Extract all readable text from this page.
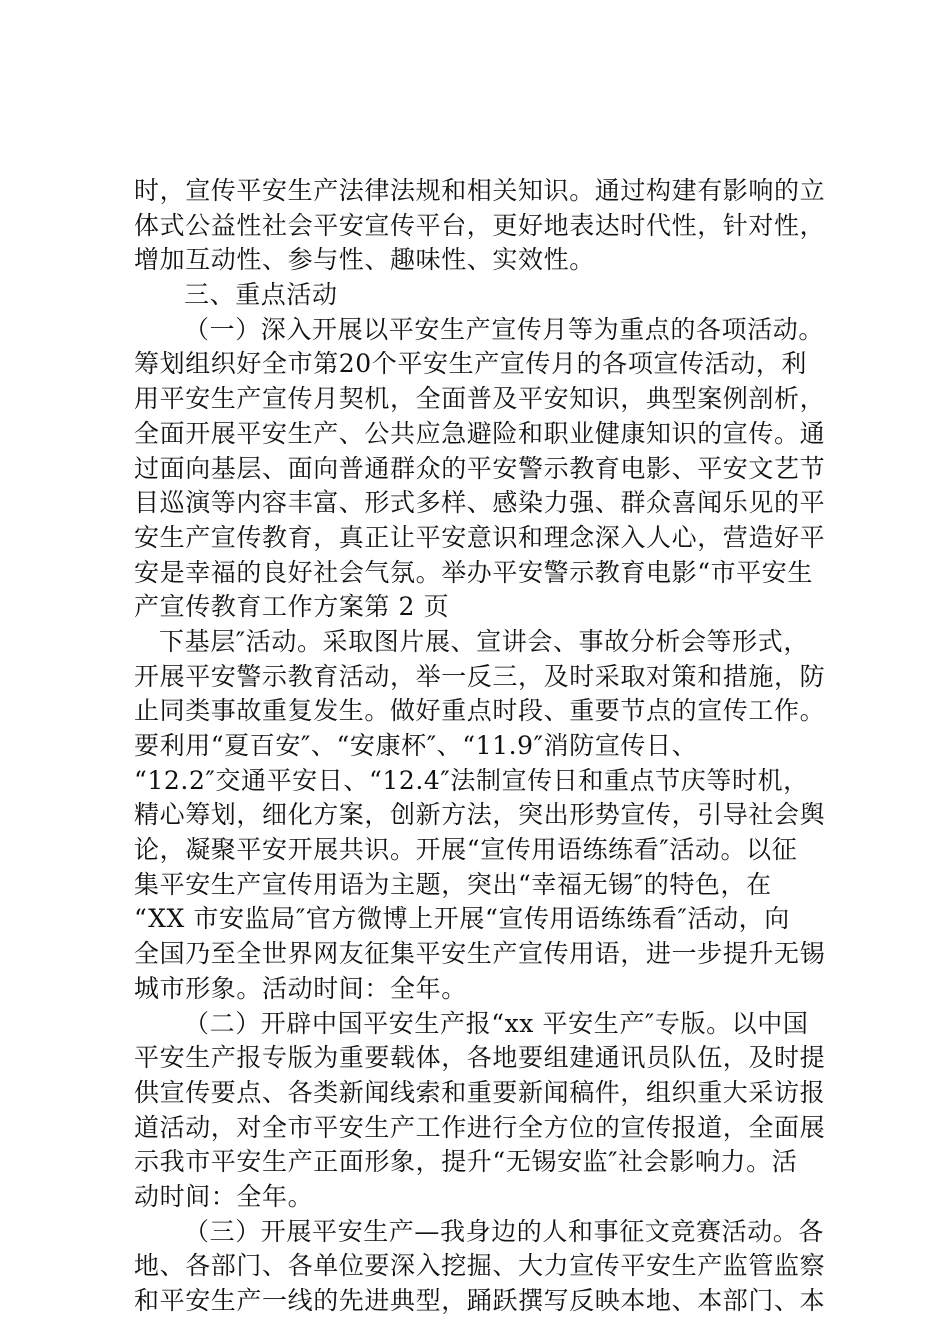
时，宣传平安生产法律法规和相关知识。通过构建有影响的立
体式公益性社会平安宣传平台，更好地表达时代性，针对性，
增加互动性、参与性、趣味性、实效性。
三、重点活动
（一）深入开展以平安生产宣传月等为重点的各项活动。
筹划组织好全市第20个平安生产宣传月的各项宣传活动，利
用平安生产宣传月契机，全面普及平安知识，典型案例剖析，
全面开展平安生产、公共应急避险和职业健康知识的宣传。通
过面向基层、面向普通群众的平安警示教育电影、平安文艺节
目巡演等内容丰富、形式多样、感染力强、群众喜闻乐见的平
安生产宣传教育，真正让平安意识和理念深入人心，营造好平
安是幸福的良好社会气氛。举办平安警示教育电影“市平安生
产宣传教育工作方案第 2 页
下基层″活动。采取图片展、宣讲会、事故分析会等形式，
开展平安警示教育活动，举一反三，及时采取对策和措施，防
止同类事故重复发生。做好重点时段、重要节点的宣传工作。
要利用“夏百安″、“安康杯″、“11.9″消防宣传日、
“12.2″交通平安日、“12.4″法制宣传日和重点节庆等时机，
精心筹划，细化方案，创新方法，突出形势宣传，引导社会舆
论，凝聚平安开展共识。开展“宣传用语练练看″活动。以征
集平安生产宣传用语为主题，突出“幸福无锡″的特色，在
“XX 市安监局″官方微博上开展“宣传用语练练看″活动，向
全国乃至全世界网友征集平安生产宣传用语，进一步提升无锡
城市形象。活动时间：全年。
（二）开辟中国平安生产报“xx 平安生产″专版。以中国
平安生产报专版为重要载体，各地要组建通讯员队伍，及时提
供宣传要点、各类新闻线索和重要新闻稿件，组织重大采访报
道活动，对全市平安生产工作进行全方位的宣传报道，全面展
示我市平安生产正面形象，提升“无锡安监″社会影响力。活
动时间：全年。
（三）开展平安生产—我身边的人和事征文竞赛活动。各
地、各部门、各单位要深入挖掘、大力宣传平安生产监管监察
和平安生产一线的先进典型，踊跃撰写反映本地、本部门、本
